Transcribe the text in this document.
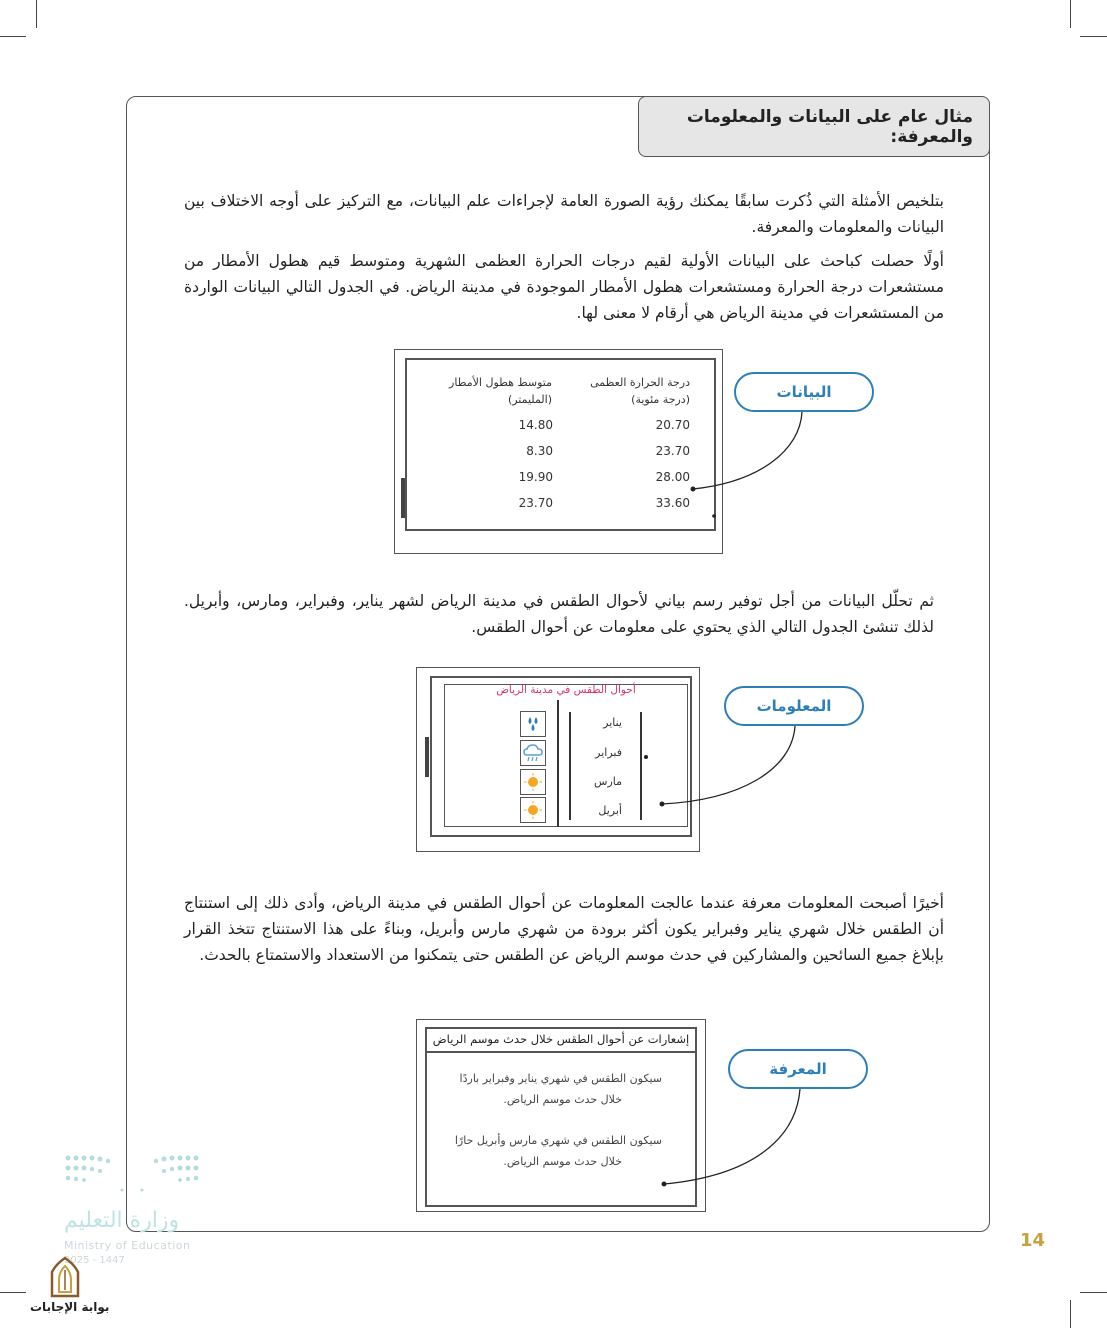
مثال عام على البيانات والمعلومات والمعرفة:

بتلخيص الأمثلة التي ذُكرت سابقًا يمكنك رؤية الصورة العامة لإجراءات علم البيانات، مع التركيز على أوجه الاختلاف بين البيانات والمعلومات والمعرفة.

أولًا حصلت كباحث على البيانات الأولية لقيم درجات الحرارة العظمى الشهرية ومتوسط قيم هطول الأمطار من مستشعرات درجة الحرارة ومستشعرات هطول الأمطار الموجودة في مدينة الرياض. في الجدول التالي البيانات الواردة من المستشعرات في مدينة الرياض هي أرقام لا معنى لها.

درجة الحرارة العظمى
(درجة مئوية)
متوسط هطول الأمطار
(المليمتر)
20.70
14.80
23.70
8.30
28.00
19.90
33.60
23.70
البيانات
ثم تحلّل البيانات من أجل توفير رسم بياني لأحوال الطقس في مدينة الرياض لشهر يناير، وفبراير، ومارس، وأبريل. لذلك تنشئ الجدول التالي الذي يحتوي على معلومات عن أحوال الطقس.
أحوال الطقس في مدينة الرياض
يناير
فبراير
مارس
أبريل
المعلومات
أخيرًا أصبحت المعلومات معرفة عندما عالجت المعلومات عن أحوال الطقس في مدينة الرياض، وأدى ذلك إلى استنتاج أن الطقس خلال شهري يناير وفبراير يكون أكثر برودة من شهري مارس وأبريل، وبناءً على هذا الاستنتاج تتخذ القرار بإبلاغ جميع السائحين والمشاركين في حدث موسم الرياض عن الطقس حتى يتمكنوا من الاستعداد والاستمتاع بالحدث.
إشعارات عن أحوال الطقس خلال حدث موسم الرياض
سيكون الطقس في شهري يناير وفبراير باردًا
خلال حدث موسم الرياض.
سيكون الطقس في شهري مارس وأبريل حارًا
خلال حدث موسم الرياض.
المعرفة
وزارة التعليم
Ministry of Education
2025 - 1447
14
بوابة الإجابات
